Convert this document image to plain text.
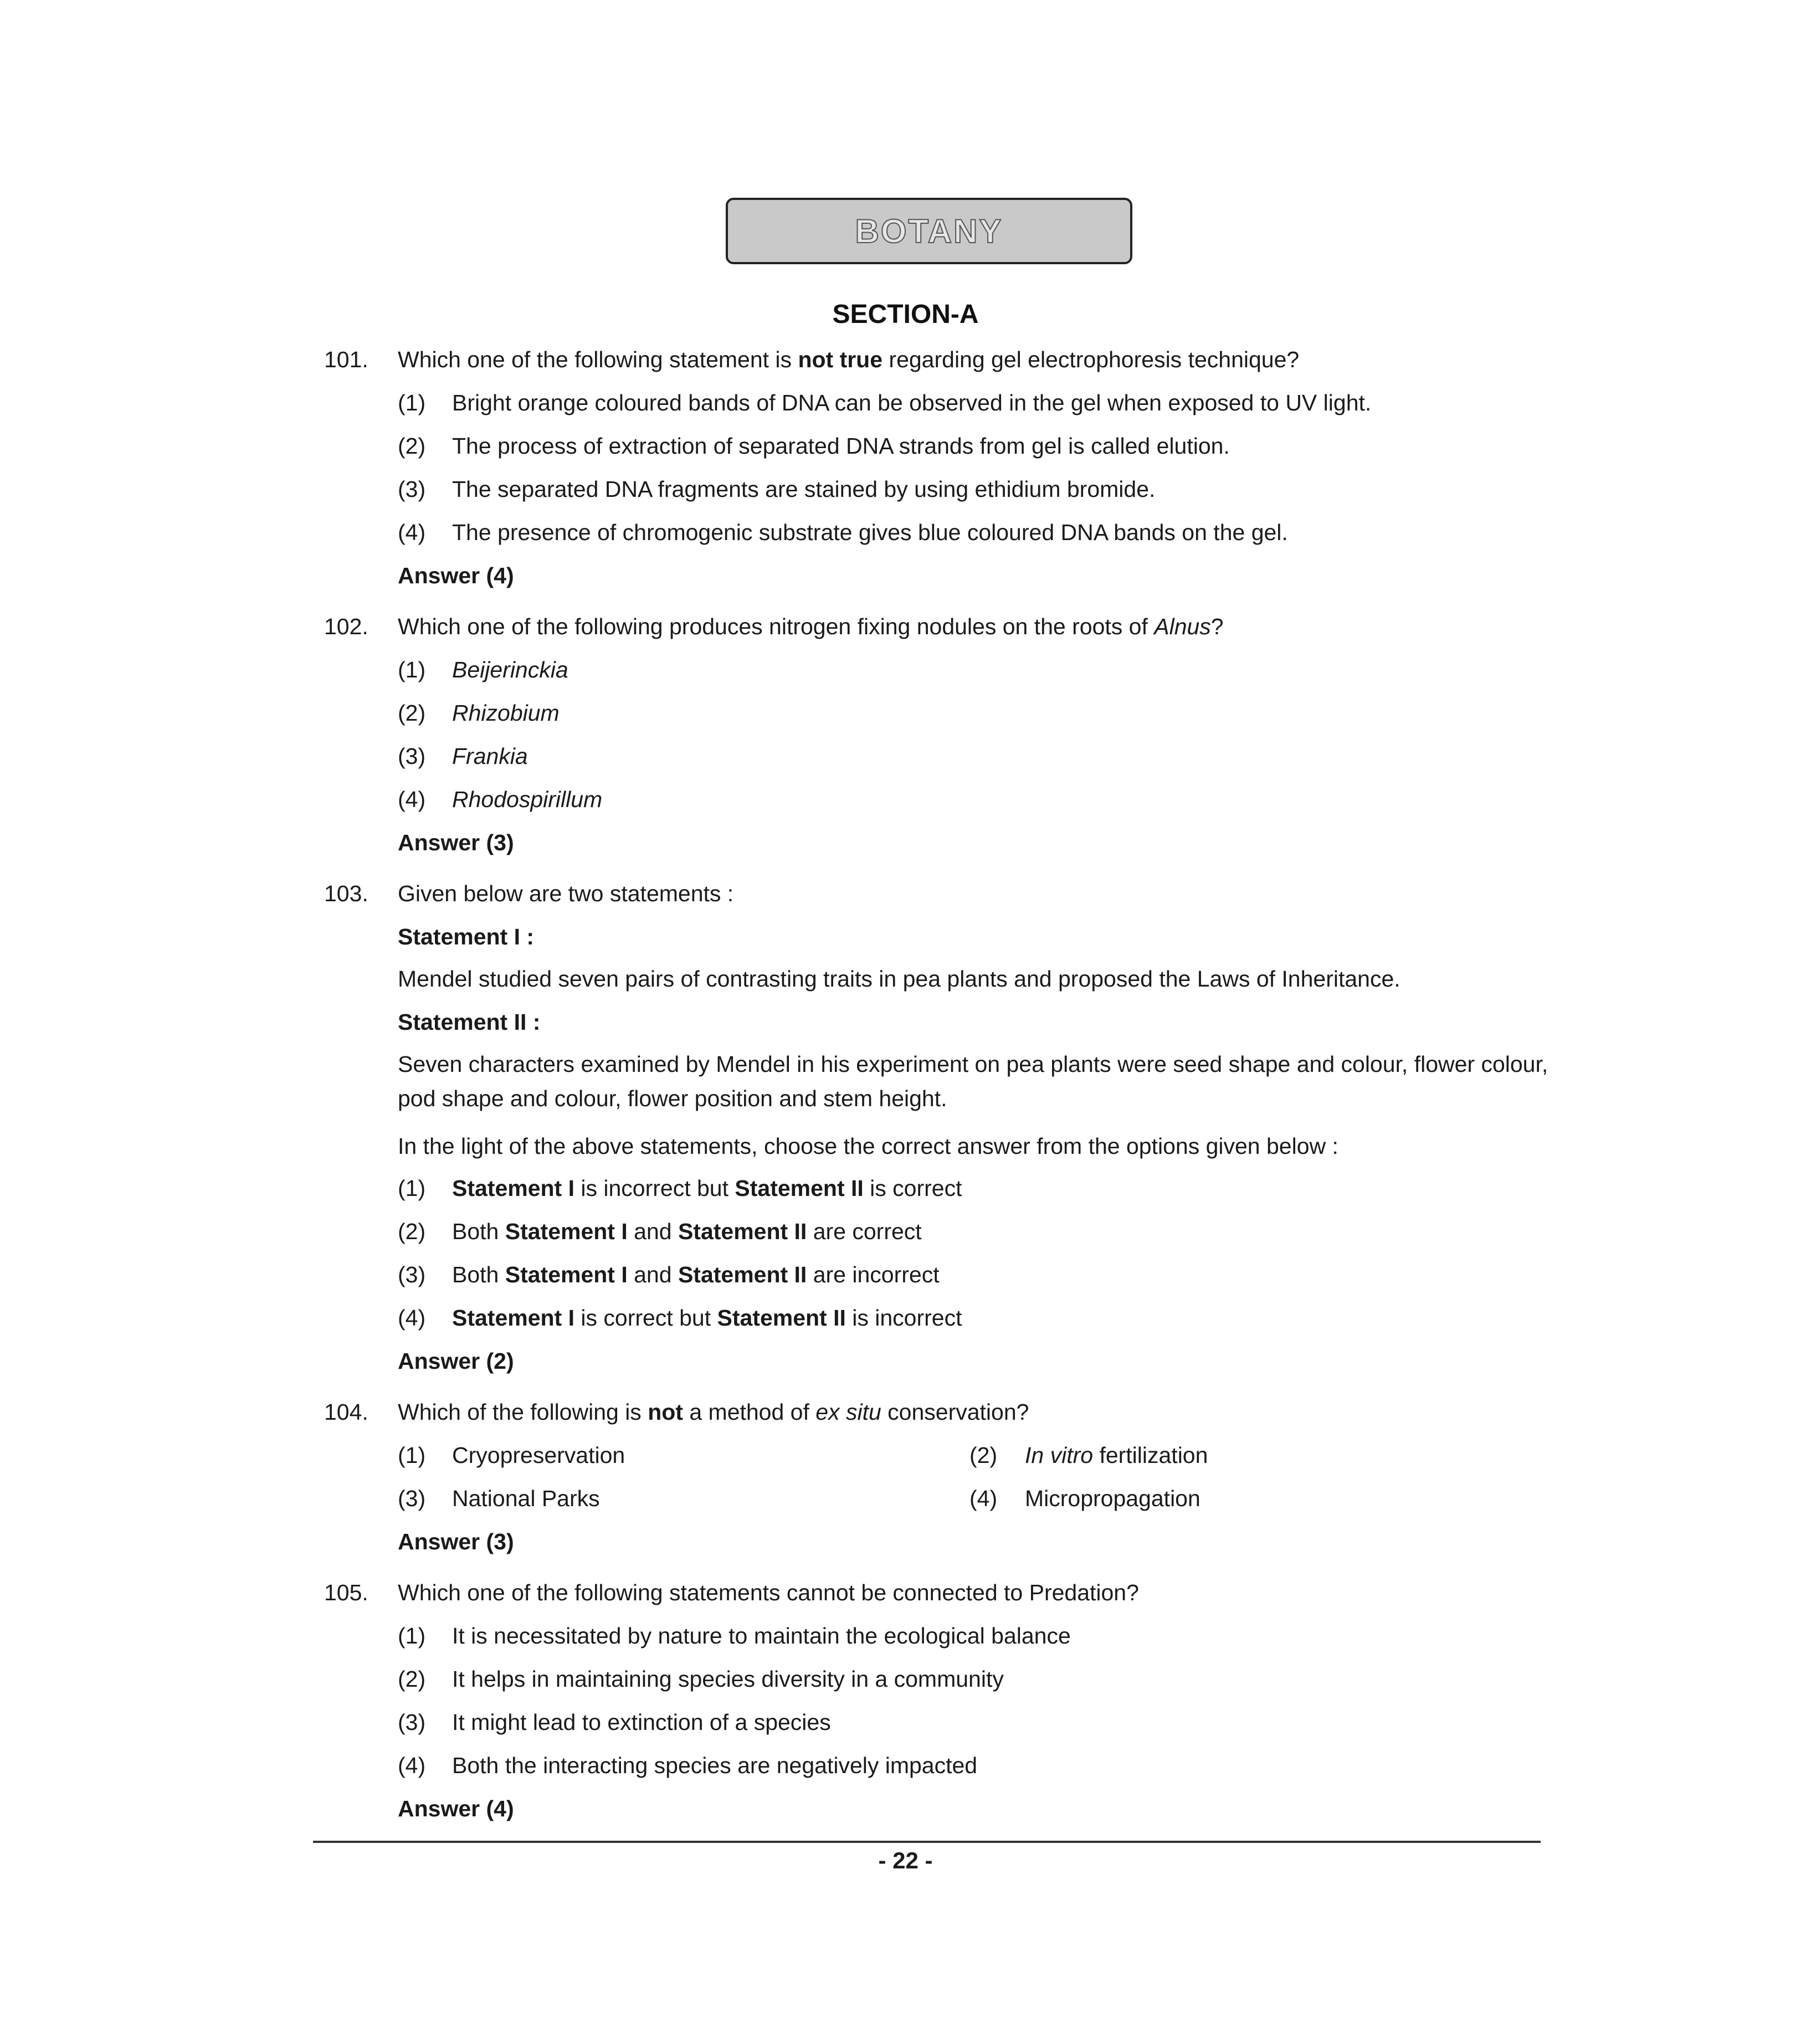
BOTANY
SECTION-A
101. Which one of the following statement is not true regarding gel electrophoresis technique?
(1) Bright orange coloured bands of DNA can be observed in the gel when exposed to UV light.
(2) The process of extraction of separated DNA strands from gel is called elution.
(3) The separated DNA fragments are stained by using ethidium bromide.
(4) The presence of chromogenic substrate gives blue coloured DNA bands on the gel.
Answer (4)
102. Which one of the following produces nitrogen fixing nodules on the roots of Alnus?
(1) Beijerinckia
(2) Rhizobium
(3) Frankia
(4) Rhodospirillum
Answer (3)
103. Given below are two statements :
Statement I :
Mendel studied seven pairs of contrasting traits in pea plants and proposed the Laws of Inheritance.
Statement II :
Seven characters examined by Mendel in his experiment on pea plants were seed shape and colour, flower colour, pod shape and colour, flower position and stem height.
In the light of the above statements, choose the correct answer from the options given below :
(1) Statement I is incorrect but Statement II is correct
(2) Both Statement I and Statement II are correct
(3) Both Statement I and Statement II are incorrect
(4) Statement I is correct but Statement II is incorrect
Answer (2)
104. Which of the following is not a method of ex situ conservation?
(1) Cryopreservation	(2) In vitro fertilization
(3) National Parks	(4) Micropropagation
Answer (3)
105. Which one of the following statements cannot be connected to Predation?
(1) It is necessitated by nature to maintain the ecological balance
(2) It helps in maintaining species diversity in a community
(3) It might lead to extinction of a species
(4) Both the interacting species are negatively impacted
Answer (4)
- 22 -
